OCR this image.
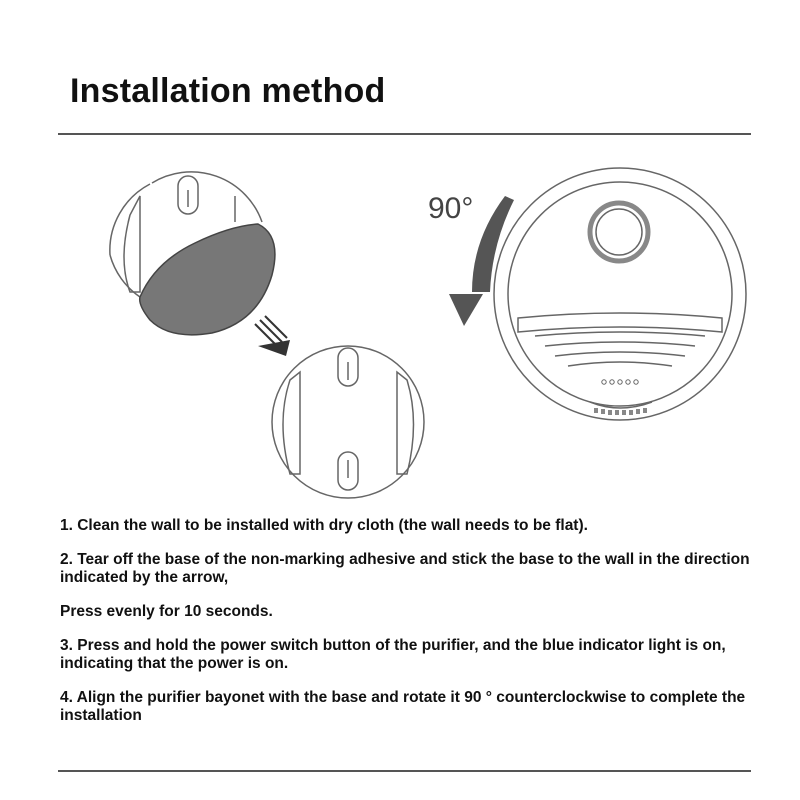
Installation method
90°

1. Clean the wall to be installed with dry cloth (the wall needs to be flat).

2. Tear off the base of the non-marking adhesive and stick the base to the wall in the direction indicated by the arrow,

Press evenly for 10 seconds.

3. Press and hold the power switch button of the purifier, and the blue indicator light is on, indicating that the power is on.

4. Align the purifier bayonet with the base and rotate it 90 ° counterclockwise to complete the installation
